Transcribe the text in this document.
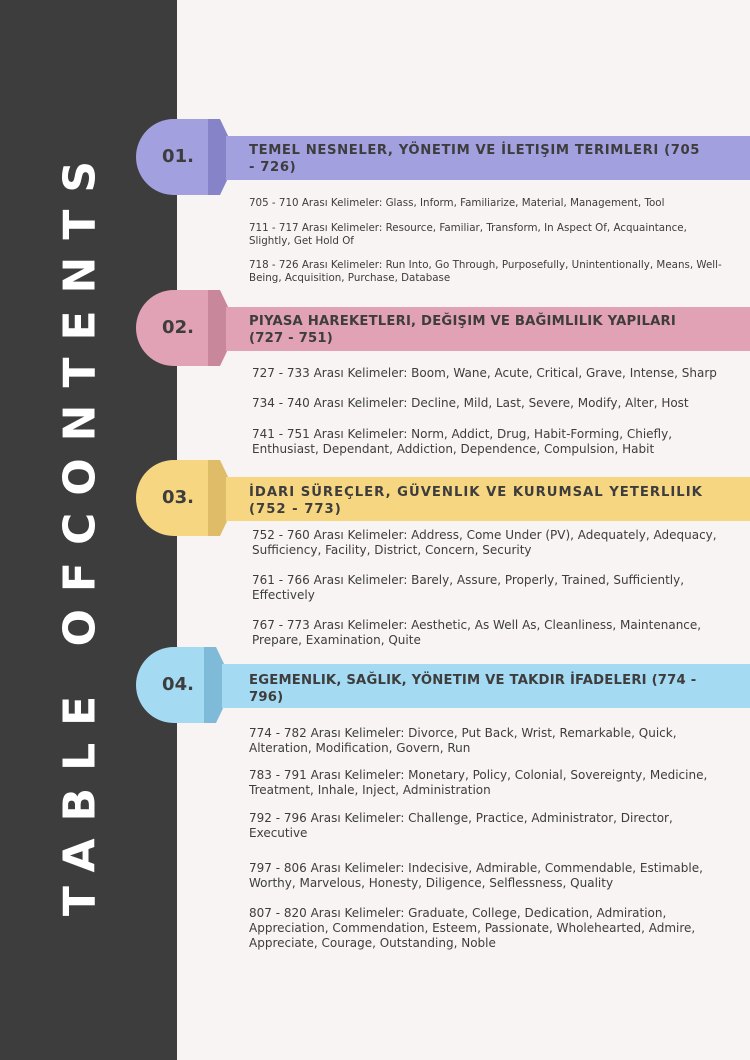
TABLE OFCONTENTS	01.	TEMEL NESNELER, YÖNETIM VE İLETIŞIM TERIMLERI (705 - 726)
705 - 710 Arası Kelimeler: Glass, Inform, Familiarize, Material, Management, Tool
711 - 717 Arası Kelimeler: Resource, Familiar, Transform, In Aspect Of, Acquaintance, Slightly, Get Hold Of
718 - 726 Arası Kelimeler: Run Into, Go Through, Purposefully, Unintentionally, Means, Well-Being, Acquisition, Purchase, Database
02.	PIYASA HAREKETLERI, DEĞIŞIM VE BAĞIMLILIK YAPILARI (727 - 751)
727 - 733 Arası Kelimeler: Boom, Wane, Acute, Critical, Grave, Intense, Sharp
734 - 740 Arası Kelimeler: Decline, Mild, Last, Severe, Modify, Alter, Host
741 - 751 Arası Kelimeler: Norm, Addict, Drug, Habit-Forming, Chiefly, Enthusiast, Dependant, Addiction, Dependence, Compulsion, Habit
03.	İDARI SÜREÇLER, GÜVENLIK VE KURUMSAL YETERLILIK (752 - 773)
752 - 760 Arası Kelimeler: Address, Come Under (PV), Adequately, Adequacy, Sufficiency, Facility, District, Concern, Security
761 - 766 Arası Kelimeler: Barely, Assure, Properly, Trained, Sufficiently, Effectively
767 - 773 Arası Kelimeler: Aesthetic, As Well As, Cleanliness, Maintenance, Prepare, Examination, Quite
04.	EGEMENLIK, SAĞLIK, YÖNETIM VE TAKDIR İFADELERI (774 - 796)
774 - 782 Arası Kelimeler: Divorce, Put Back, Wrist, Remarkable, Quick, Alteration, Modification, Govern, Run
783 - 791 Arası Kelimeler: Monetary, Policy, Colonial, Sovereignty, Medicine, Treatment, Inhale, Inject, Administration
792 - 796 Arası Kelimeler: Challenge, Practice, Administrator, Director, Executive
797 - 806 Arası Kelimeler: Indecisive, Admirable, Commendable, Estimable, Worthy, Marvelous, Honesty, Diligence, Selflessness, Quality
807 - 820 Arası Kelimeler: Graduate, College, Dedication, Admiration, Appreciation, Commendation, Esteem, Passionate, Wholehearted, Admire, Appreciate, Courage, Outstanding, Noble
